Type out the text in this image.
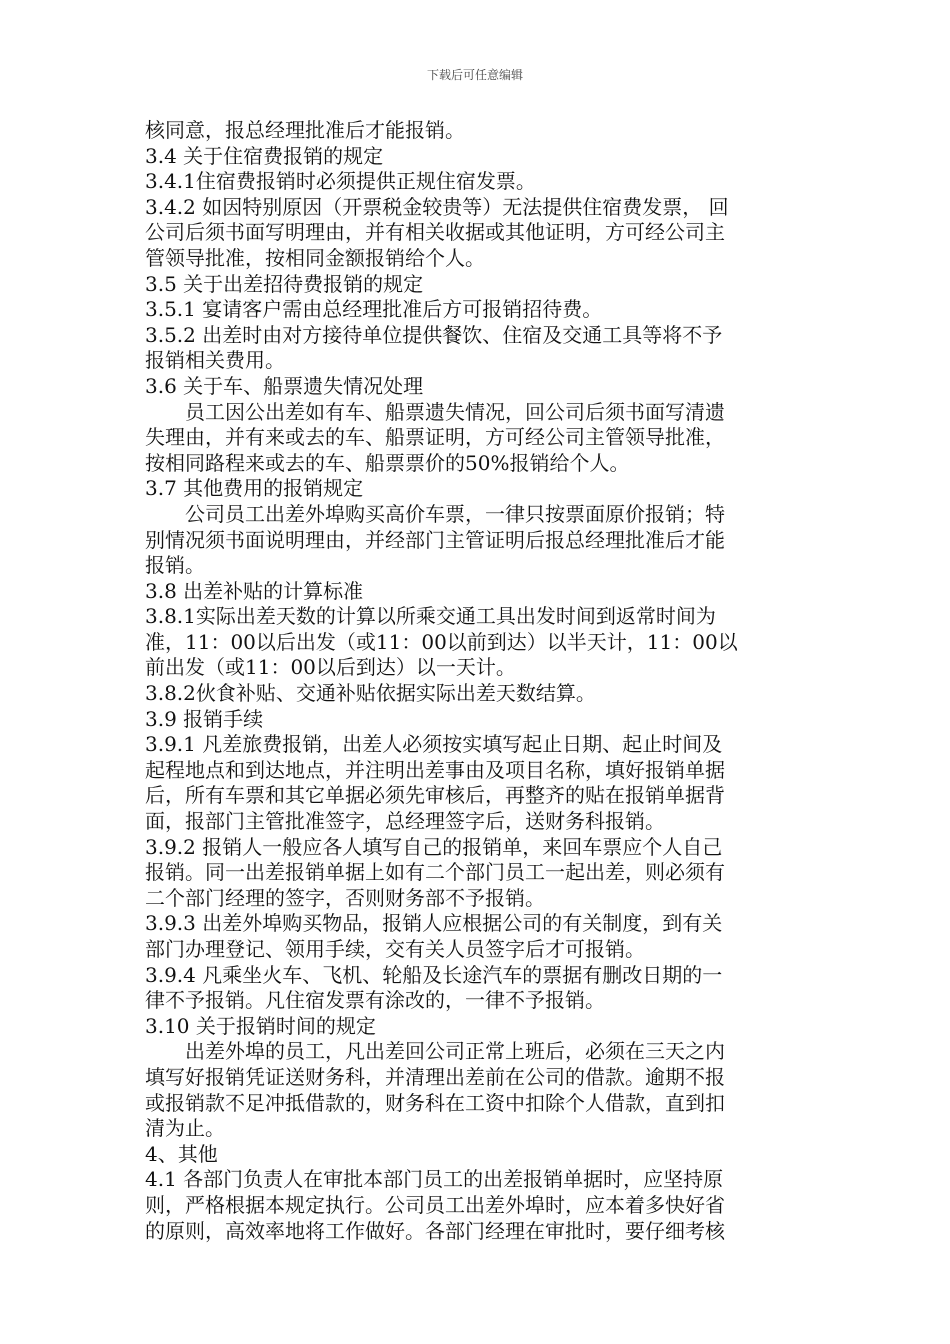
下载后可任意编辑
核同意，报总经理批准后才能报销。
3.4 关于住宿费报销的规定
3.4.1住宿费报销时必须提供正规住宿发票。
3.4.2 如因特别原因（开票税金较贵等）无法提供住宿费发票， 回
公司后须书面写明理由，并有相关收据或其他证明，方可经公司主
管领导批准，按相同金额报销给个人。
3.5 关于出差招待费报销的规定
3.5.1 宴请客户需由总经理批准后方可报销招待费。
3.5.2 出差时由对方接待单位提供餐饮、住宿及交通工具等将不予
报销相关费用。
3.6 关于车、船票遗失情况处理
员工因公出差如有车、船票遗失情况，回公司后须书面写清遗
失理由，并有来或去的车、船票证明，方可经公司主管领导批准，
按相同路程来或去的车、船票票价的50%报销给个人。
3.7 其他费用的报销规定
公司员工出差外埠购买高价车票，一律只按票面原价报销；特
别情况须书面说明理由，并经部门主管证明后报总经理批准后才能
报销。
3.8 出差补贴的计算标准
3.8.1实际出差天数的计算以所乘交通工具出发时间到返常时间为
准，11：00以后出发（或11：00以前到达）以半天计，11：00以
前出发（或11：00以后到达）以一天计。
3.8.2伙食补贴、交通补贴依据实际出差天数结算。
3.9 报销手续
3.9.1 凡差旅费报销，出差人必须按实填写起止日期、起止时间及
起程地点和到达地点，并注明出差事由及项目名称，填好报销单据
后，所有车票和其它单据必须先审核后，再整齐的贴在报销单据背
面，报部门主管批准签字，总经理签字后，送财务科报销。
3.9.2 报销人一般应各人填写自己的报销单，来回车票应个人自己
报销。同一出差报销单据上如有二个部门员工一起出差，则必须有
二个部门经理的签字，否则财务部不予报销。
3.9.3 出差外埠购买物品，报销人应根据公司的有关制度，到有关
部门办理登记、领用手续，交有关人员签字后才可报销。
3.9.4 凡乘坐火车、飞机、轮船及长途汽车的票据有删改日期的一
律不予报销。凡住宿发票有涂改的，一律不予报销。
3.10 关于报销时间的规定
出差外埠的员工，凡出差回公司正常上班后，必须在三天之内
填写好报销凭证送财务科，并清理出差前在公司的借款。逾期不报
或报销款不足冲抵借款的，财务科在工资中扣除个人借款，直到扣
清为止。
4、其他
4.1 各部门负责人在审批本部门员工的出差报销单据时，应坚持原
则，严格根据本规定执行。公司员工出差外埠时，应本着多快好省
的原则，高效率地将工作做好。各部门经理在审批时，要仔细考核
